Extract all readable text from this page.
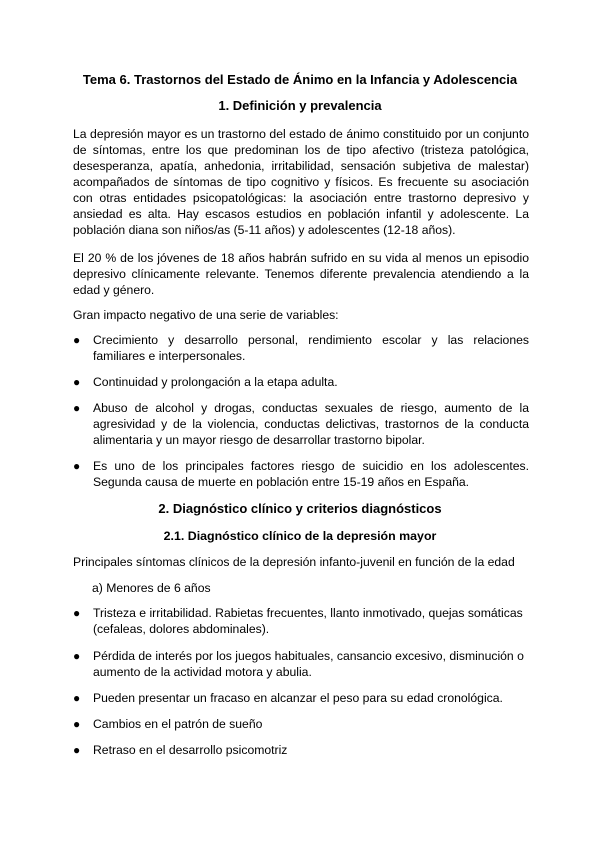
Tema 6. Trastornos del Estado de Ánimo en la Infancia y Adolescencia
1. Definición y prevalencia
La depresión mayor es un trastorno del estado de ánimo constituido por un conjunto de síntomas, entre los que predominan los de tipo afectivo (tristeza patológica, desesperanza, apatía, anhedonia, irritabilidad, sensación subjetiva de malestar) acompañados de síntomas de tipo cognitivo y físicos. Es frecuente su asociación con otras entidades psicopatológicas: la asociación entre trastorno depresivo y ansiedad es alta. Hay escasos estudios en población infantil y adolescente. La población diana son niños/as (5-11 años) y adolescentes (12-18 años).
El 20 % de los jóvenes de 18 años habrán sufrido en su vida al menos un episodio depresivo clínicamente relevante. Tenemos diferente prevalencia atendiendo a la edad y género.
Gran impacto negativo de una serie de variables:
●	Crecimiento y desarrollo personal, rendimiento escolar y las relaciones familiares e interpersonales.
●	Continuidad y prolongación a la etapa adulta.
●	Abuso de alcohol y drogas, conductas sexuales de riesgo, aumento de la agresividad y de la violencia, conductas delictivas, trastornos de la conducta alimentaria y un mayor riesgo de desarrollar trastorno bipolar.
●	Es uno de los principales factores riesgo de suicidio en los adolescentes. Segunda causa de muerte en población entre 15-19 años en España.
2. Diagnóstico clínico y criterios diagnósticos
2.1. Diagnóstico clínico de la depresión mayor
Principales síntomas clínicos de la depresión infanto-juvenil en función de la edad
a) Menores de 6 años
●	Tristeza e irritabilidad. Rabietas frecuentes, llanto inmotivado, quejas somáticas (cefaleas, dolores abdominales).
●	Pérdida de interés por los juegos habituales, cansancio excesivo, disminución o aumento de la actividad motora y abulia.
●	Pueden presentar un fracaso en alcanzar el peso para su edad cronológica.
●	Cambios en el patrón de sueño
●	Retraso en el desarrollo psicomotriz
